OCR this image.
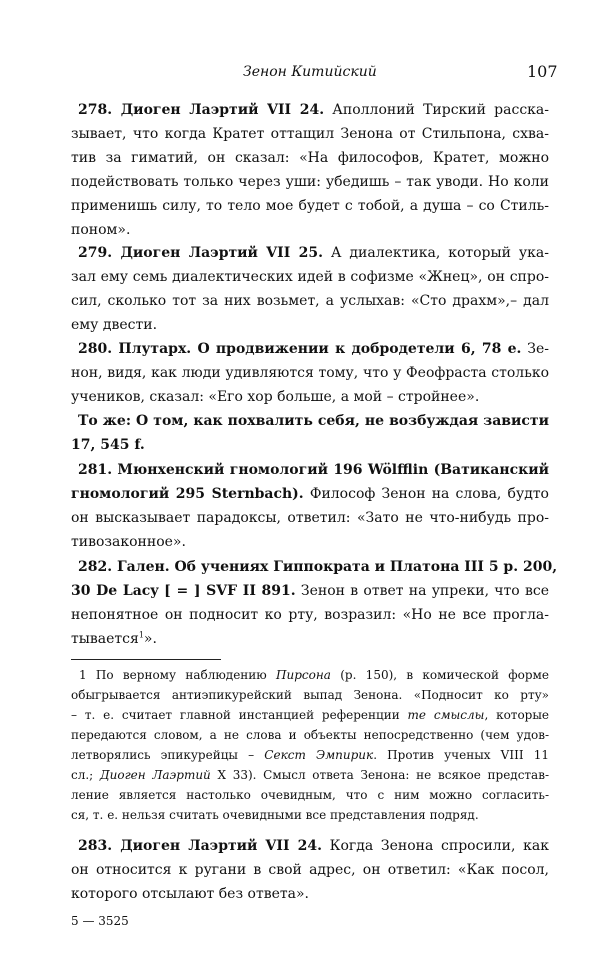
Зенон Китийский	107
278. Диоген Лаэртий VII 24. Аполлоний Тирский расска-
зывает, что когда Кратет оттащил Зенона от Стильпона, схва-
тив за гиматий, он сказал: «На философов, Кратет, можно
подействовать только через уши: убедишь – так уводи. Но коли
применишь силу, то тело мое будет с тобой, а душа – со Стиль-
поном».
279. Диоген Лаэртий VII 25. А диалектика, который ука-
зал ему семь диалектических идей в софизме «Жнец», он спро-
сил, сколько тот за них возьмет, а услыхав: «Сто драхм»,– дал
ему двести.
280. Плутарх. О продвижении к добродетели 6, 78 е. Зе-
нон, видя, как люди удивляются тому, что у Феофраста столько
учеников, сказал: «Его хор больше, а мой – стройнее».
То же: О том, как похвалить себя, не возбуждая зависти
17, 545 f.
281. Мюнхенский гномологий 196 Wölfflin (Ватиканский
гномологий 295 Sternbach). Философ Зенон на слова, будто
он высказывает парадоксы, ответил: «Зато не что-нибудь про-
тивозаконное».
282. Гален. Об учениях Гиппократа и Платона III 5 р. 200,
30 De Lacy [ = ] SVF II 891. Зенон в ответ на упреки, что все
непонятное он подносит ко рту, возразил: «Но не все прогла-
тывается$^1$».
283. Диоген Лаэртий VII 24. Когда Зенона спросили, как
он относится к ругани в свой адрес, он ответил: «Как посол,
которого отсылают без ответа».
1 По верному наблюдению Пирсона (р. 150), в комической форме
обыгрывается антиэпикурейский выпад Зенона. «Подносит ко рту»
– т. е. считает главной инстанцией референции те смыслы, которые
передаются словом, а не слова и объекты непосредственно (чем удов-
летворялись эпикурейцы – Секст Эмпирик. Против ученых VIII 11
сл.; Диоген Лаэртий X 33). Смысл ответа Зенона: не всякое представ-
ление является настолько очевидным, что с ним можно согласить-
ся, т. е. нельзя считать очевидными все представления подряд.
5 — 3525
